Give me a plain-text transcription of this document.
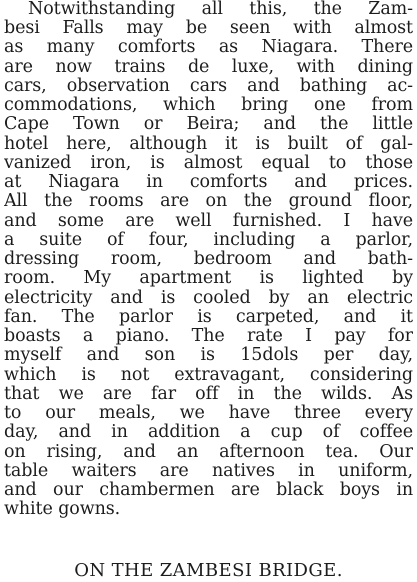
Notwithstanding all this, the Zam-
besi Falls may be seen with almost
as many comforts as Niagara. There
are now trains de luxe, with dining
cars, observation cars and bathing ac-
commodations, which bring one from
Cape Town or Beira; and the little
hotel here, although it is built of gal-
vanized iron, is almost equal to those
at Niagara in comforts and prices.
All the rooms are on the ground floor,
and some are well furnished. I have
a suite of four, including a parlor,
dressing room, bedroom and bath-
room. My apartment is lighted by
electricity and is cooled by an electric
fan. The parlor is carpeted, and it
boasts a piano. The rate I pay for
myself and son is 15dols per day,
which is not extravagant, considering
that we are far off in the wilds. As
to our meals, we have three every
day, and in addition a cup of coffee
on rising, and an afternoon tea. Our
table waiters are natives in uniform,
and our chambermen are black boys in
white gowns.
ON THE ZAMBESI BRIDGE.
